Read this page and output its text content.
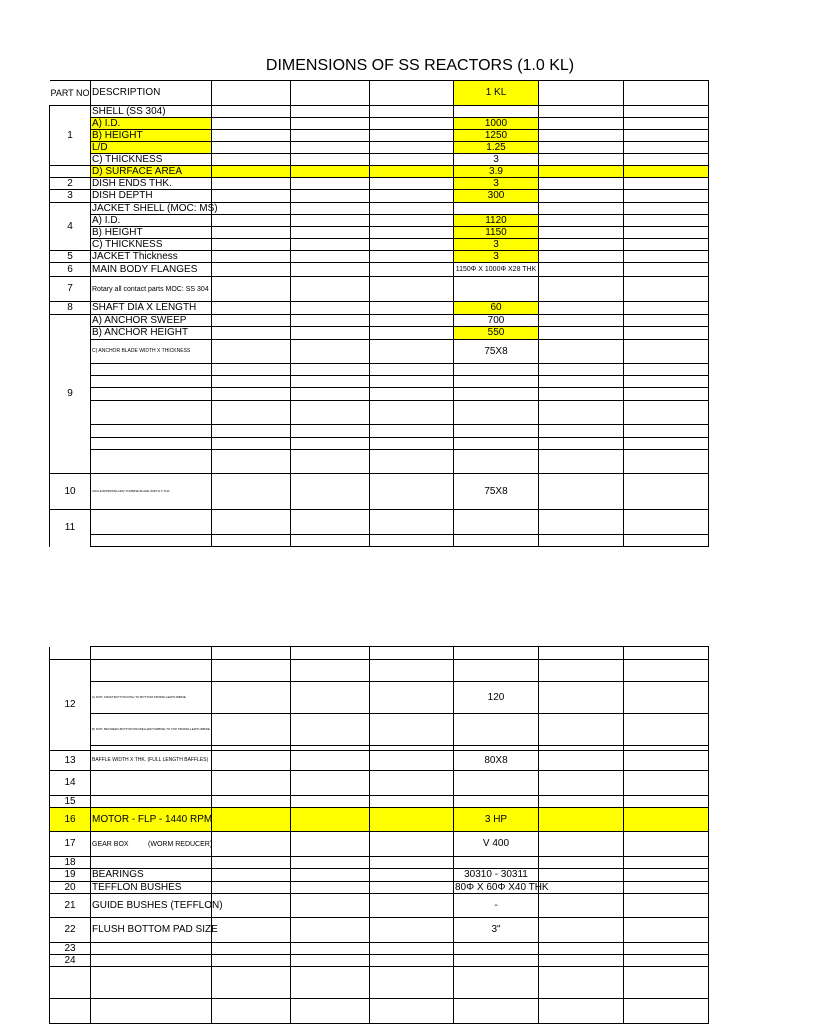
DIMENSIONS OF SS REACTORS (1.0 KL)
PART NO	DESCRIPTION				1 KL		
1	SHELL (SS 304)						
	A) I.D.				1000		
	B) HEIGHT				1250		
	L/D				1.25		
	C) THICKNESS				3		
	D) SURFACE AREA				3.9		
2	DISH ENDS THK.				3		
3	DISH DEPTH				300		
4	JACKET SHELL (MOC: MS)						
	A) I.D.				1120		
	B) HEIGHT				1150		
	C) THICKNESS				3		
5	JACKET Thickness				3		
6	MAIN BODY FLANGES				1150Φ X 1000Φ X28 THK		
7	Rotary all contact parts MOC: SS 304						
8	SHAFT DIA X LENGTH				60		
9	A) ANCHOR SWEEP				700		
	B) ANCHOR HEIGHT				550		
	C) ANCHOR BLADE WIDTH X THICKNESS				75X8		

10	ANCHOR/PROPELLER/ TURBINE BLADE WIDTH X THK.				75X8		
11							

12							
	A) DIST. FROM BOTTOM DISH TO BOTTOM PROPELLER/TURBINE				120		
	B) DIST. BETWEEN BOTTOM PROPELLER/TURBINE TO TOP PROPELLER/TURBINE						

13	BAFFLE WIDTH X THK. (FULL LENGTH BAFFLES)				80X8		
14							
15							
16	MOTOR - FLP - 1440 RPM				3 HP		
17	GEAR BOX          (WORM REDUCER)				V 400		
18							
19	BEARINGS				30310 - 30311		
20	TEFFLON BUSHES				80Φ X 60Φ X40 THK		
21	GUIDE BUSHES (TEFFLON)				-		
22	FLUSH BOTTOM PAD SIZE				3"		
23							
24							
